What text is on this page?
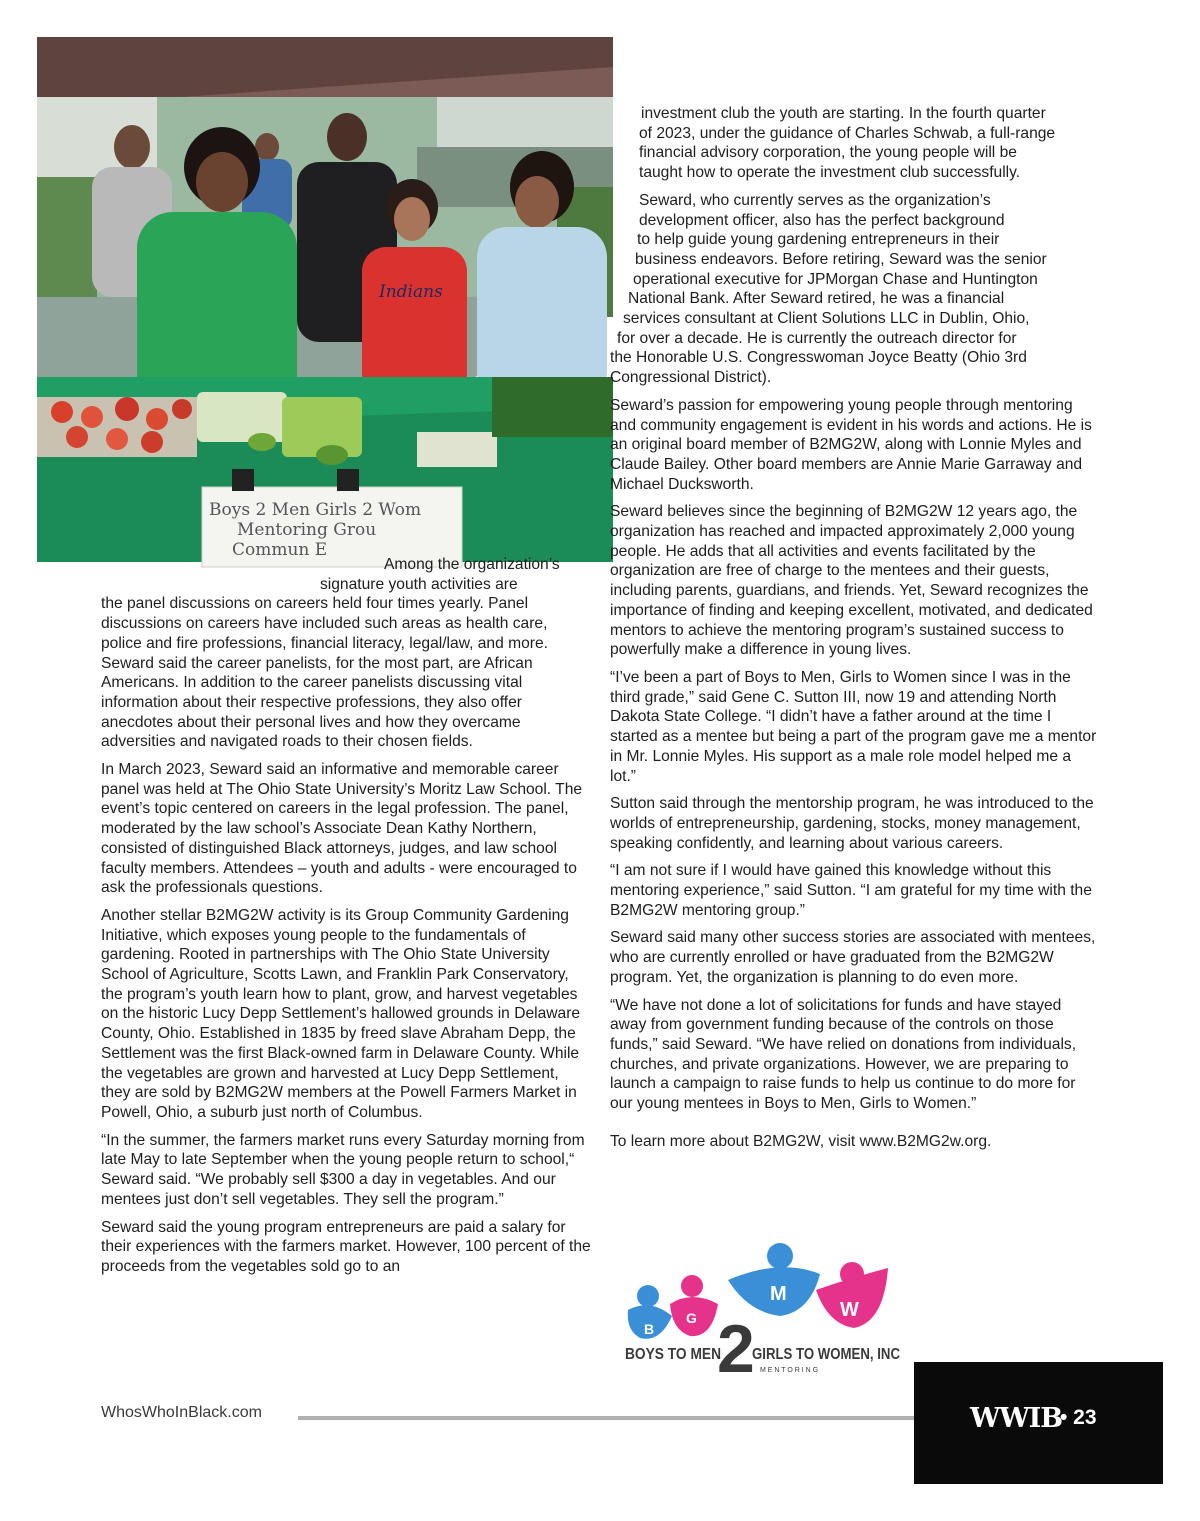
Indians
Boys 2 Men Girls 2 Wom
Mentoring Grou
Commun E

Among the organization’s
signature youth activities are
the panel discussions on careers held four times yearly. Panel discussions on careers have included such areas as health care, police and fire professions, financial literacy, legal/law, and more. Seward said the career panelists, for the most part, are African Americans. In addition to the career panelists discussing vital information about their respective professions, they also offer anecdotes about their personal lives and how they overcame adversities and navigated roads to their chosen fields.

In March 2023, Seward said an informative and memorable career panel was held at The Ohio State University’s Moritz Law School. The event’s topic centered on careers in the legal profession. The panel, moderated by the law school’s Associate Dean Kathy Northern, consisted of distinguished Black attorneys, judges, and law school faculty members. Attendees – youth and adults - were encouraged to ask the professionals questions.

Another stellar B2MG2W activity is its Group Community Gardening Initiative, which exposes young people to the fundamentals of gardening. Rooted in partnerships with The Ohio State University School of Agriculture, Scotts Lawn, and Franklin Park Conservatory, the program’s youth learn how to plant, grow, and harvest vegetables on the historic Lucy Depp Settlement’s hallowed grounds in Delaware County, Ohio. Established in 1835 by freed slave Abraham Depp, the Settlement was the first Black-owned farm in Delaware County. While the vegetables are grown and harvested at Lucy Depp Settlement, they are sold by B2MG2W members at the Powell Farmers Market in Powell, Ohio, a suburb just north of Columbus.

“In the summer, the farmers market runs every Saturday morning from late May to late September when the young people return to school,“ Seward said. “We probably sell $300 a day in vegetables. And our mentees just don’t sell vegetables. They sell the program.”

Seward said the young program entrepreneurs are paid a salary for their experiences with the farmers market. However, 100 percent of the proceeds from the vegetables sold go to an

investment club the youth are starting. In the fourth quarter
of 2023, under the guidance of Charles Schwab, a full-range
financial advisory corporation, the young people will be
taught how to operate the investment club successfully.

Seward, who currently serves as the organization’s
development officer, also has the perfect background
to help guide young gardening entrepreneurs in their
business endeavors. Before retiring, Seward was the senior
operational executive for JPMorgan Chase and Huntington
National Bank. After Seward retired, he was a financial
services consultant at Client Solutions LLC in Dublin, Ohio,
for over a decade. He is currently the outreach director for
the Honorable U.S. Congresswoman Joyce Beatty (Ohio 3rd
Congressional District).

Seward’s passion for empowering young people through mentoring and community engagement is evident in his words and actions. He is an original board member of B2MG2W, along with Lonnie Myles and Claude Bailey. Other board members are Annie Marie Garraway and Michael Ducksworth.

Seward believes since the beginning of B2MG2W 12 years ago, the organization has reached and impacted approximately 2,000 young people. He adds that all activities and events facilitated by the organization are free of charge to the mentees and their guests, including parents, guardians, and friends. Yet, Seward recognizes the importance of finding and keeping excellent, motivated, and dedicated mentors to achieve the mentoring program’s sustained success to powerfully make a difference in young lives.

“I’ve been a part of Boys to Men, Girls to Women since I was in the third grade,” said Gene C. Sutton III, now 19 and attending North Dakota State College. “I didn’t have a father around at the time I started as a mentee but being a part of the program gave me a mentor in Mr. Lonnie Myles. His support as a male role model helped me a lot.”

Sutton said through the mentorship program, he was introduced to the worlds of entrepreneurship, gardening, stocks, money management, speaking confidently, and learning about various careers.

“I am not sure if I would have gained this knowledge without this mentoring experience,” said Sutton. “I am grateful for my time with the B2MG2W mentoring group.”

Seward said many other success stories are associated with mentees, who are currently enrolled or have graduated from the B2MG2W program. Yet, the organization is planning to do even more.

“We have not done a lot of solicitations for funds and have stayed away from government funding because of the controls on those funds,” said Seward. “We have relied on donations from individuals, churches, and private organizations. However, we are preparing to launch a campaign to raise funds to help us continue to do more for our young mentees in Boys to Men, Girls to Women.”

To learn more about B2MG2W, visit www.B2MG2w.org.

B
G
M
W
2
BOYS TO MEN GIRLS TO WOMEN, INC
M E N T O R I N G
WhosWhoInBlack.com	WWIB
• 23
